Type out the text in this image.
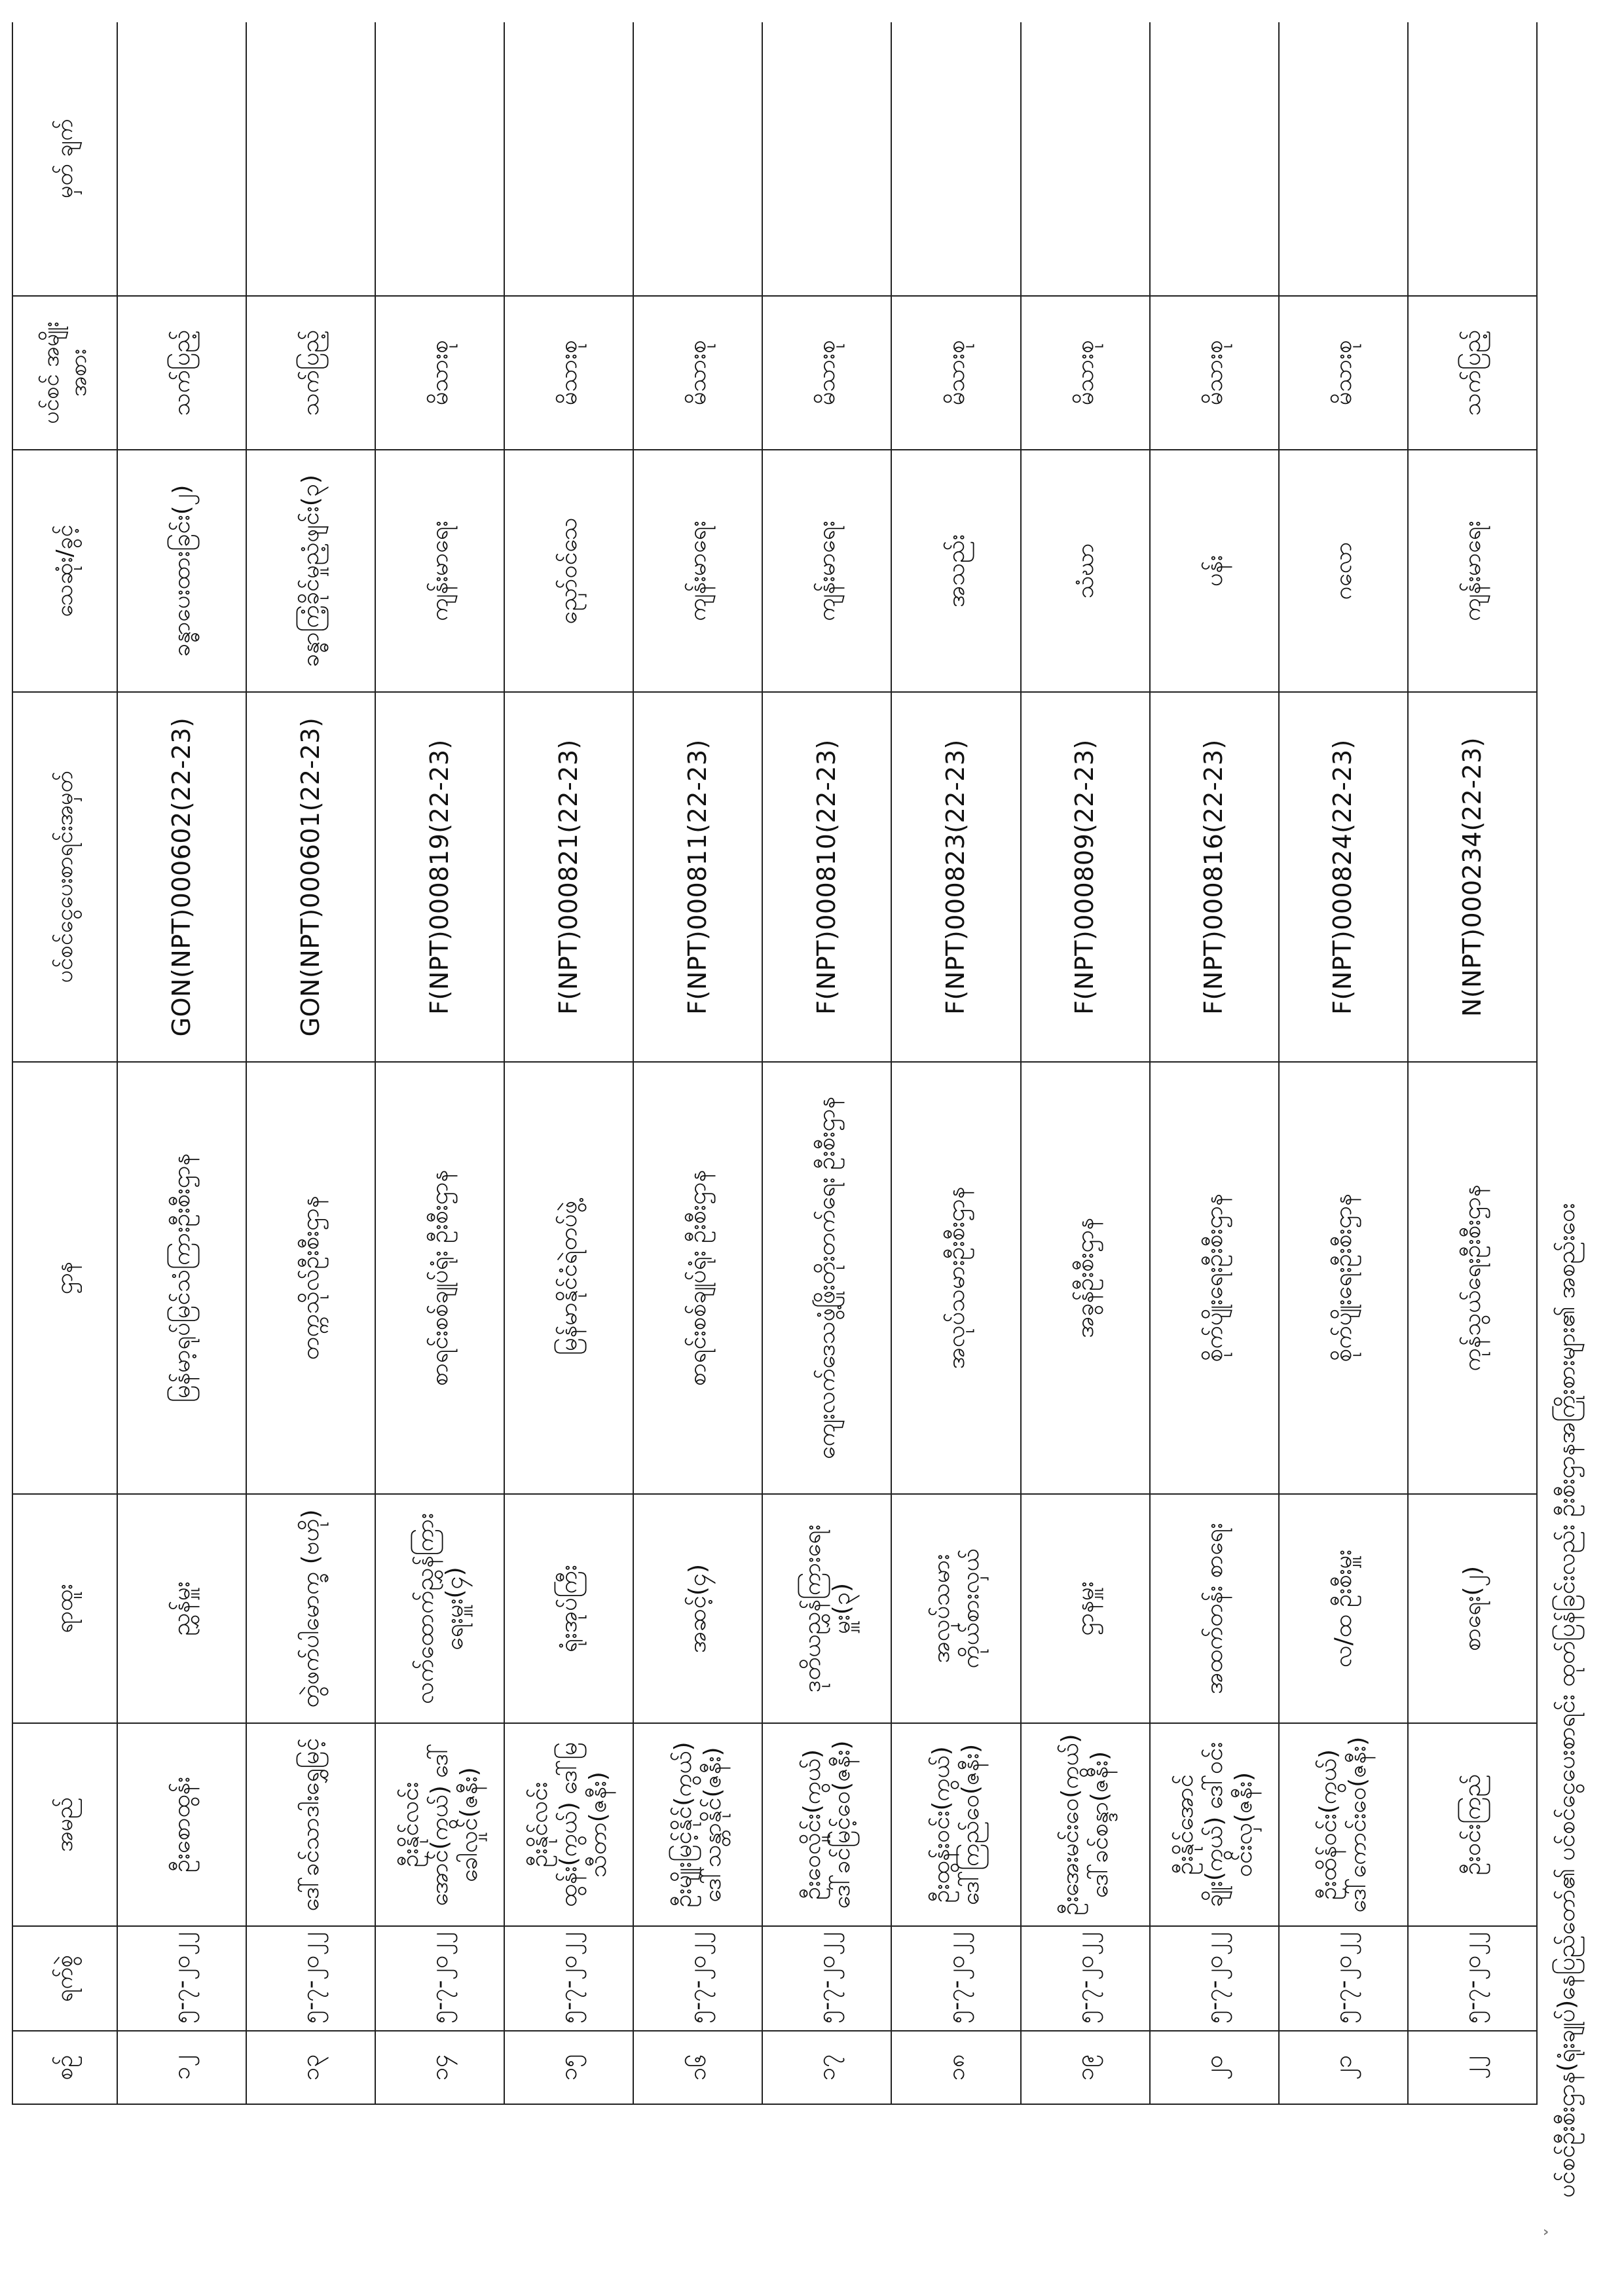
ပင်စင်ဦးစီးဌာန(ရုံးချုပ်)နေပြည်တော်၏ ပင်စင်ငွေပေးစာရင်း ထုတ်ပြန်ခြင်းလည်း ဦးစီးဌာနအကြိုးစားများ၏ အစည်းဝေး
စဉ်	ရက်စွဲ	အမည်	ရာထူး	ဌာန	ပင်စင်ငွေပေးစာရင်းအမှတ်	သေဆုံး/ခွင့်	ပင်စင် အမျိုးအစား	မှတ် ချက်
၁၂	၅-၇-၂၀၂၂	ဦးစောထွန်း	ညွှန်မှူး	မြန်မာ့ရုပ်မြင်သံကြားဦးစီးဌာန	GON(NPT)000602(22-23)	ခန္ဓာပေးထားခြင်း(၂)	သက်ပြည့်	
၁၃	၅-၇-၂၀၂၂	ဒေါ်ခင်သာဒါးရွှေမြင့်	တွဲဖက်ပါမောက္ခ (ဗဟို)	တက္ကသိုလ်ဦးစီးဌာန	GON(NPT)000601(22-23)	ခန္ဓာကြံ့ခိုင်မှုညံ့ဖျင်း(၃)	သက်ပြည့်	
၁၄	၅-၇-၂၀၂၂	ဦးနိုင်လင်းအောင်(ကွယ်) ဒေါ်ခေါလှုင်(ဇနီး)	လက်ထောက်ညွှန်ကြားရေးမှူး(၄)	စာရင်းစစ်ချုပ်ရုံး ဦးစီးဌာန	F(NPT)000819(22-23)	ကျန်းမာရေး	မိသားစု	
၁၅	၅-၇-၂၀၂၂	ဦးနိုင်လင်းထွန်း(ကွယ်) ဒေါ်မြသီတာ(ဇနီး)	ရုံးအုပ်ကြီး	မြန်မာနိုင်ငံရဲတပ်ဖွဲ့	F(NPT)000821(22-23)	ညှော်ဝင်သေ	မိသားစု	
၁၆	၅-၇-၂၀၂၂	ဦးမျိုးမြင့်နိုင်(ကွယ်) ဒေါ်သန္တာနိုင်(ဇနီး)	အဆင့်(၄)	စာရင်းစစ်ချုပ်ရုံး ဦးစီးဌာန	F(NPT)000811(22-23)	ကျန်းမာရေး	မိသားစု	
၁၇	၅-၇-၂၀၂၂	ဦးဝေလှိုင်း(ကွယ်) ဒေါ်ခင်မြင့်ဝေ(ဇနီး)	ဒုတိယညွှန်ကြားရေးမှူး(၃)	ကျေးလက်ဒေသဖွံ့ဖြိုးတိုးတက်ရေး ဦးစီးဌာန	F(NPT)000810(22-23)	ကျန်းမာရေး	မိသားစု	
၁၈	၅-၇-၂၀၂၂	ဦးထွန်းဝင်း(ကွယ်) ဒေါ်ကြည်ဝေ(ဇနီး)	အလုပ်သမားကိုယ်စားလှယ်	အလုပ်သမားဦးစီးဌာန	F(NPT)000823(22-23)	အသည်း	မိသားစု	
၁၉	၅-၇-၂၀၂၂	ဦးအေးမင်းဝေ(ကွယ်) ဒေါ်ခင်စန္ဒာ(ဇနီး)	ဌာနမှူး	အခွန်ဦးစီးဌာန	F(NPT)000809(22-23)	သံဃာ	မိသားစု	
၂၀	၅-၇-၂၀၂၂	ဦးနိုင်အောင်ချိုး(ကွယ်) ဒေါ်ဝင်းဝင်းလှ(ဇနီး)	အထက်တန်း စာရေး	စိုက်ပျိုးရေးဦးစီးဌာန	F(NPT)000816(22-23)	ပန်း	မိသားစု	
၂၁	၅-၇-၂၀၂၂	ဦးထိန်ဝင်း(ကွယ်) ဒေါ်ကောင်းဝေ(ဇနီး)	လ/ထ ဦးစီးမှူး	စိုက်ပျိုးရေးဦးစီးဌာန	F(NPT)000824(22-23)	ဂလော	မိသားစု	
၂၂	၅-၇-၂၀၂၂	ဦးဝင်းကြည်	စာရေး(၂)	ကုန်သွယ်ရေးဦးစီးဌာန	N(NPT)000234(22-23)	ကျန်းမာရေး	သက်ပြည့်	
ˇ
